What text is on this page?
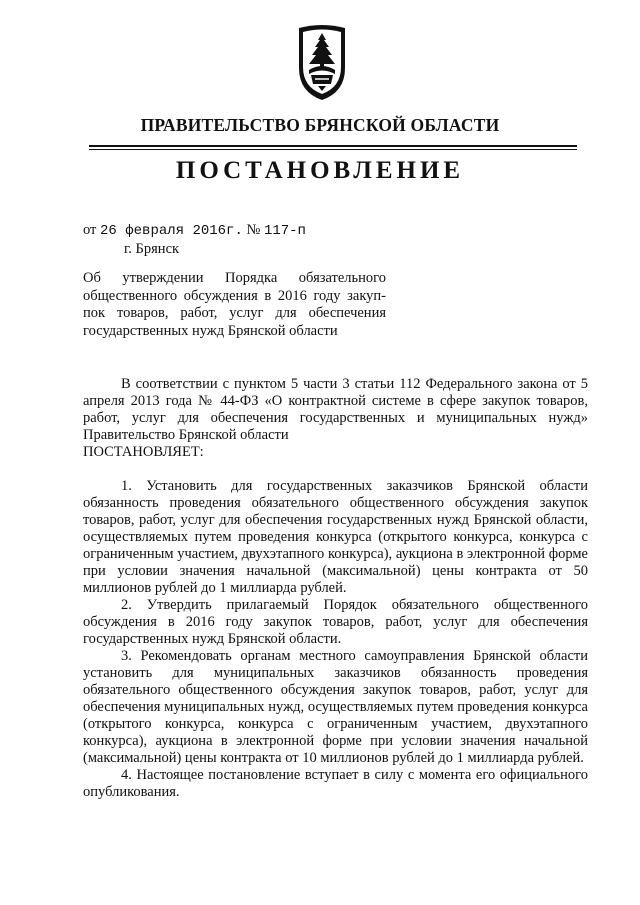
ПРАВИТЕЛЬСТВО БРЯНСКОЙ ОБЛАСТИ
ПОСТАНОВЛЕНИЕ
от 26 февраля 2016г. № 117-п
г. Брянск
Об утверждении Порядка обязательного
общественного обсуждения в 2016 году закуп-
пок товаров, работ, услуг для обеспечения
государственных нужд Брянской области

В соответствии с пунктом 5 части 3 статьи 112 Федерального закона от 5 апреля 2013 года № 44-ФЗ «О контрактной системе в сфере закупок товаров, работ, услуг для обеспечения государственных и муниципальных нужд» Правительство Брянской области

ПОСТАНОВЛЯЕТ:

1. Установить для государственных заказчиков Брянской области обязанность проведения обязательного общественного обсуждения закупок товаров, работ, услуг для обеспечения государственных нужд Брянской области, осуществляемых путем проведения конкурса (открытого конкурса, конкурса с ограниченным участием, двухэтапного конкурса), аукциона в электронной форме при условии значения начальной (максимальной) цены контракта от 50 миллионов рублей до 1 миллиарда рублей.

2. Утвердить прилагаемый Порядок обязательного общественного обсуждения в 2016 году закупок товаров, работ, услуг для обеспечения государственных нужд Брянской области.

3. Рекомендовать органам местного самоуправления Брянской области установить для муниципальных заказчиков обязанность проведения обязательного общественного обсуждения закупок товаров, работ, услуг для обеспечения муниципальных нужд, осуществляемых путем проведения конкурса (открытого конкурса, конкурса с ограниченным участием, двухэтапного конкурса), аукциона в электронной форме при условии значения начальной (максимальной) цены контракта от 10 миллионов рублей до 1 миллиарда рублей.

4. Настоящее постановление вступает в силу с момента его официального опубликования.
